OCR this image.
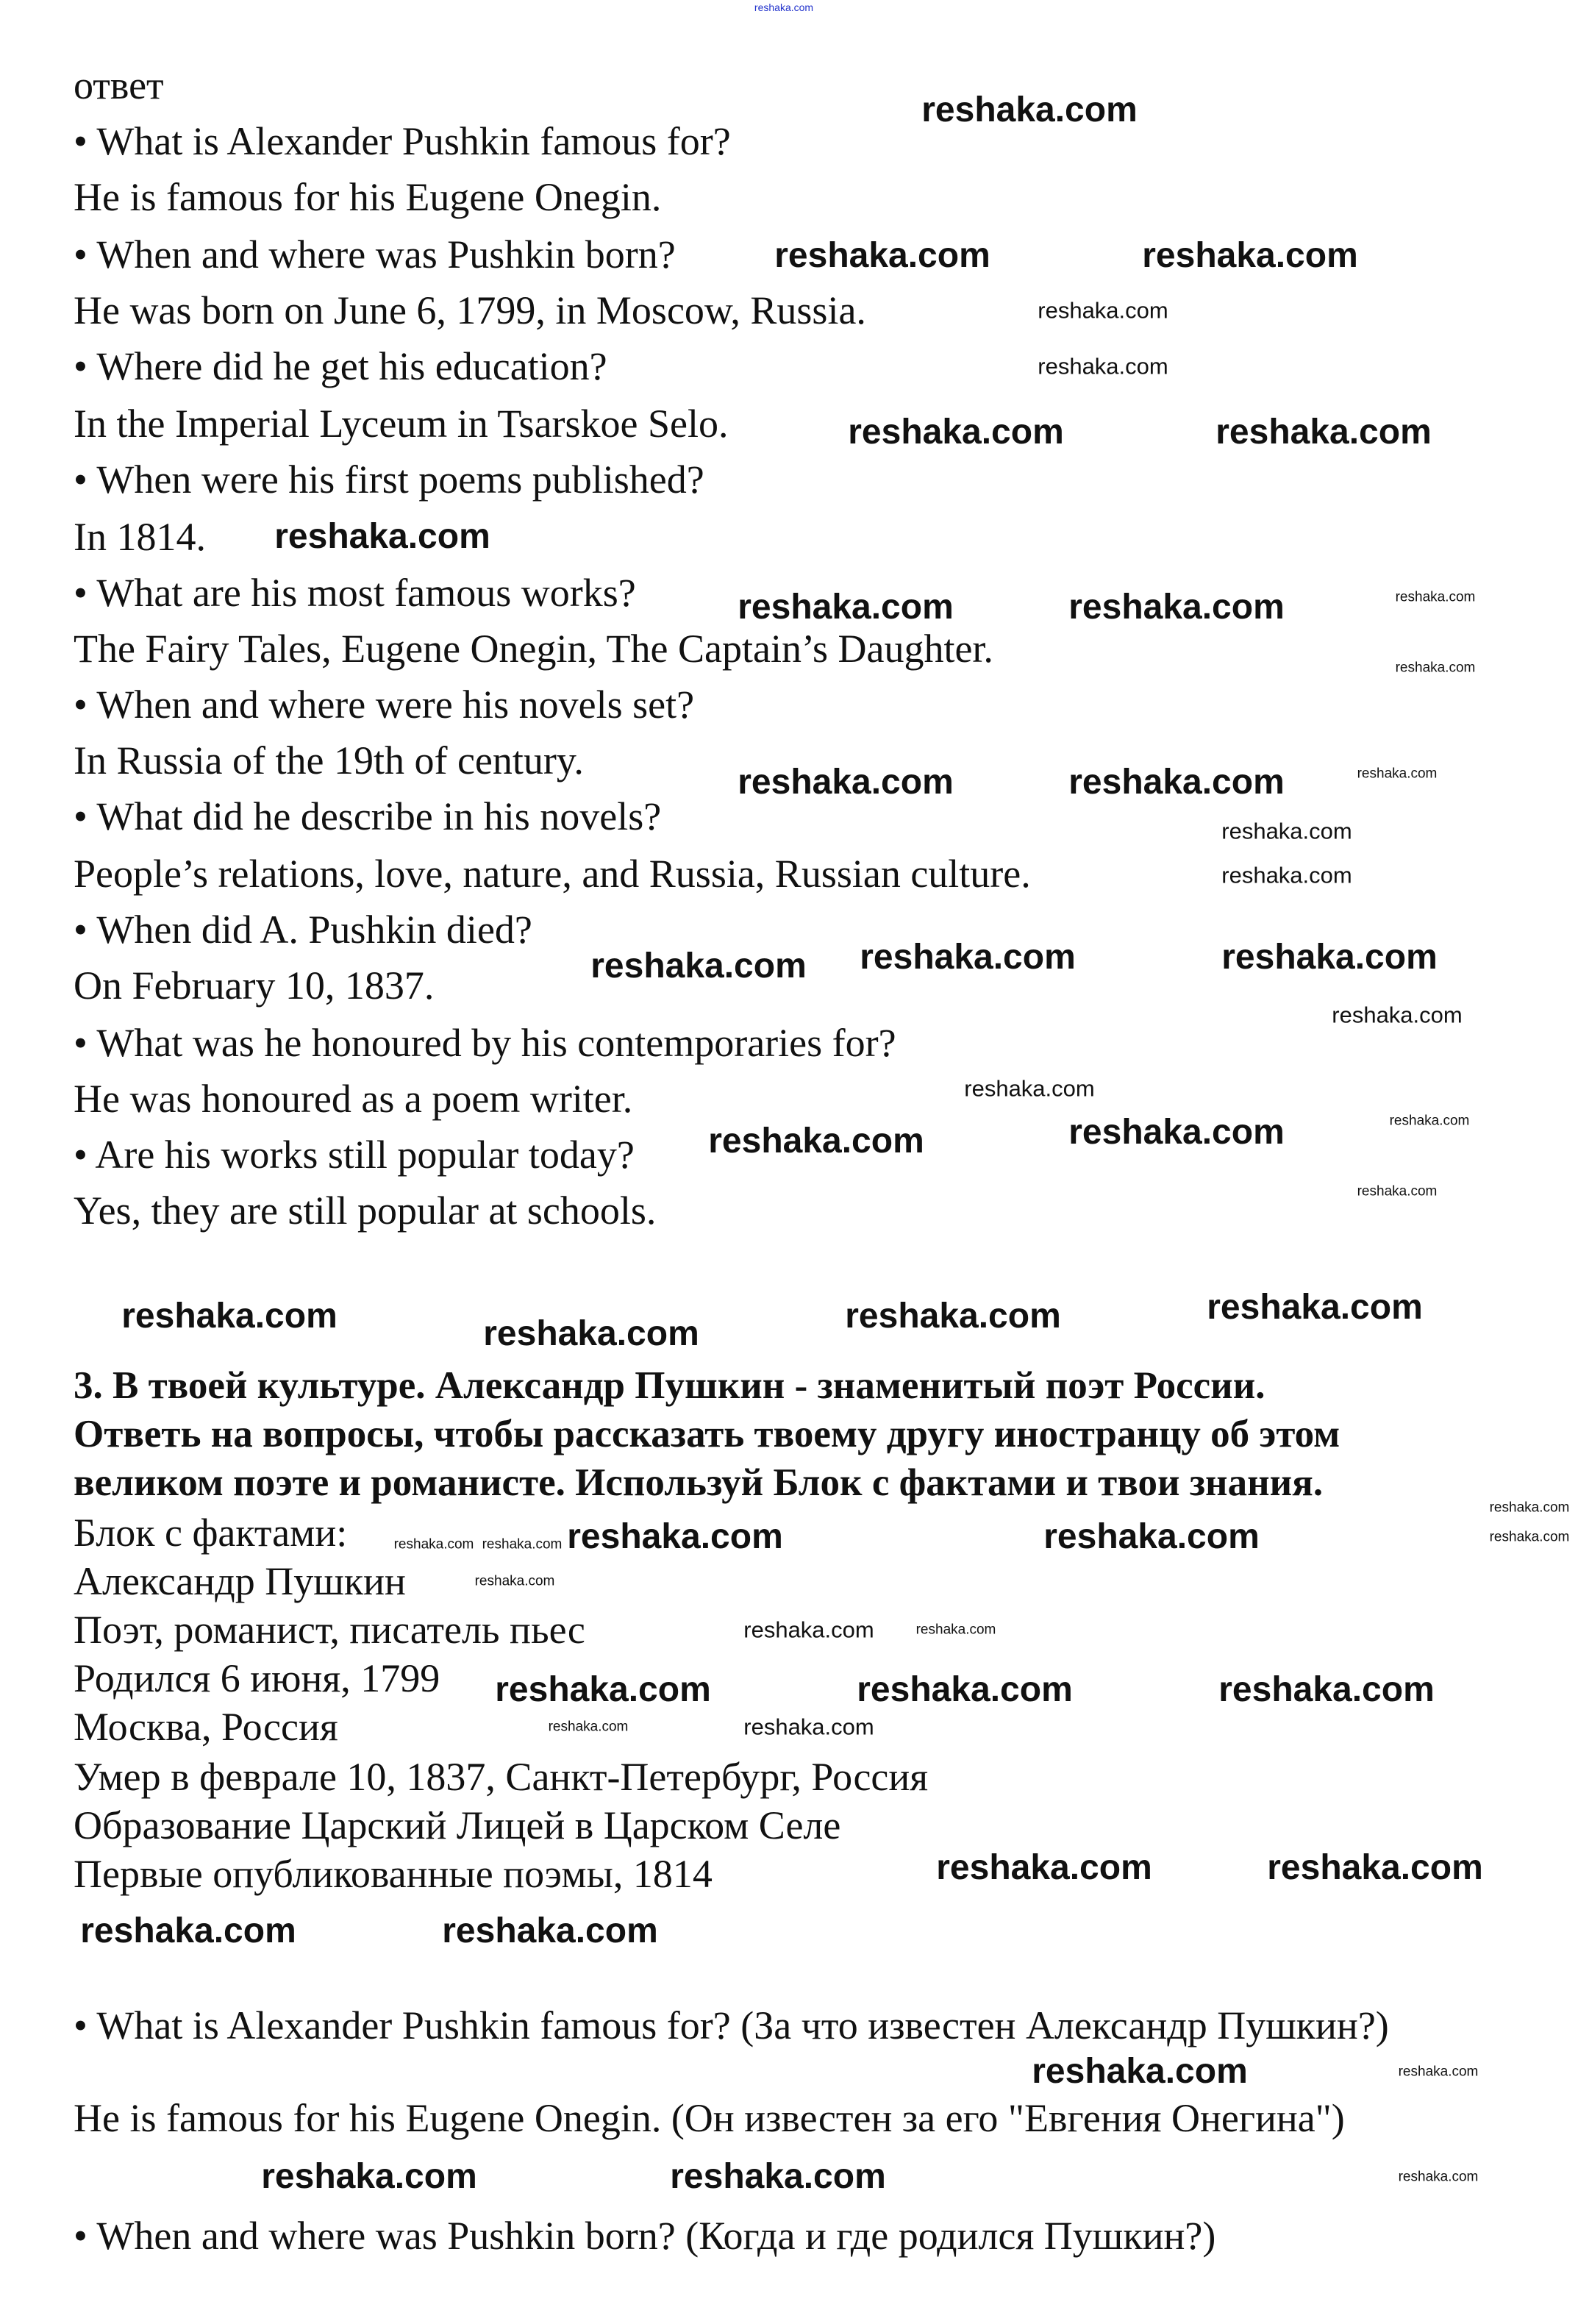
ответ
• What is Alexander Pushkin famous for?
He is famous for his Eugene Onegin.
• When and where was Pushkin born?
He was born on June 6, 1799, in Moscow, Russia.
• Where did he get his education?
In the Imperial Lyceum in Tsarskoe Selo.
• When were his first poems published?
In 1814.
• What are his most famous works?
The Fairy Tales, Eugene Onegin, The Captain’s Daughter.
• When and where were his novels set?
In Russia of the 19th of century.
• What did he describe in his novels?
People’s relations, love, nature, and Russia, Russian culture.
• When did A. Pushkin died?
On February 10, 1837.
• What was he honoured by his contemporaries for?
He was honoured as a poem writer.
• Are his works still popular today?
Yes, they are still popular at schools.
3. В твоей культуре. Александр Пушкин - знаменитый поэт России.
Ответь на вопросы, чтобы рассказать твоему другу иностранцу об этом
великом поэте и романисте. Используй Блок с фактами и твои знания.
Блок с фактами:
Александр Пушкин
Поэт, романист, писатель пьес
Родился 6 июня, 1799
Москва, Россия
Умер в феврале 10, 1837, Санкт-Петербург, Россия
Образование Царский Лицей в Царском Селе
Первые опубликованные поэмы, 1814
• What is Alexander Pushkin famous for? (За что известен Александр Пушкин?)
He is famous for his Eugene Onegin. (Он известен за его "Евгения Онегина")
• When and where was Pushkin born? (Когда и где родился Пушкин?)
reshaka.com
reshaka.com
reshaka.com	reshaka.com
reshaka.com	reshaka.com
reshaka.com
reshaka.com	reshaka.com
reshaka.com	reshaka.com
reshaka.com reshaka.com	reshaka.com
reshaka.com	reshaka.com
reshaka.com	reshaka.com	reshaka.com
reshaka.com
reshaka.com	reshaka.com
reshaka.com	reshaka.com	reshaka.com
reshaka.com	reshaka.com
reshaka.com	reshaka.com
reshaka.com
reshaka.com	reshaka.com
reshaka.com
reshaka.com
reshaka.com
reshaka.com
reshaka.com
reshaka.com
reshaka.com
reshaka.com
reshaka.com
reshaka.com
reshaka.com
reshaka.com
reshaka.com
reshaka.com
reshaka.com
reshaka.com reshaka.com
reshaka.com
reshaka.com
reshaka.com
reshaka.com
reshaka.com
